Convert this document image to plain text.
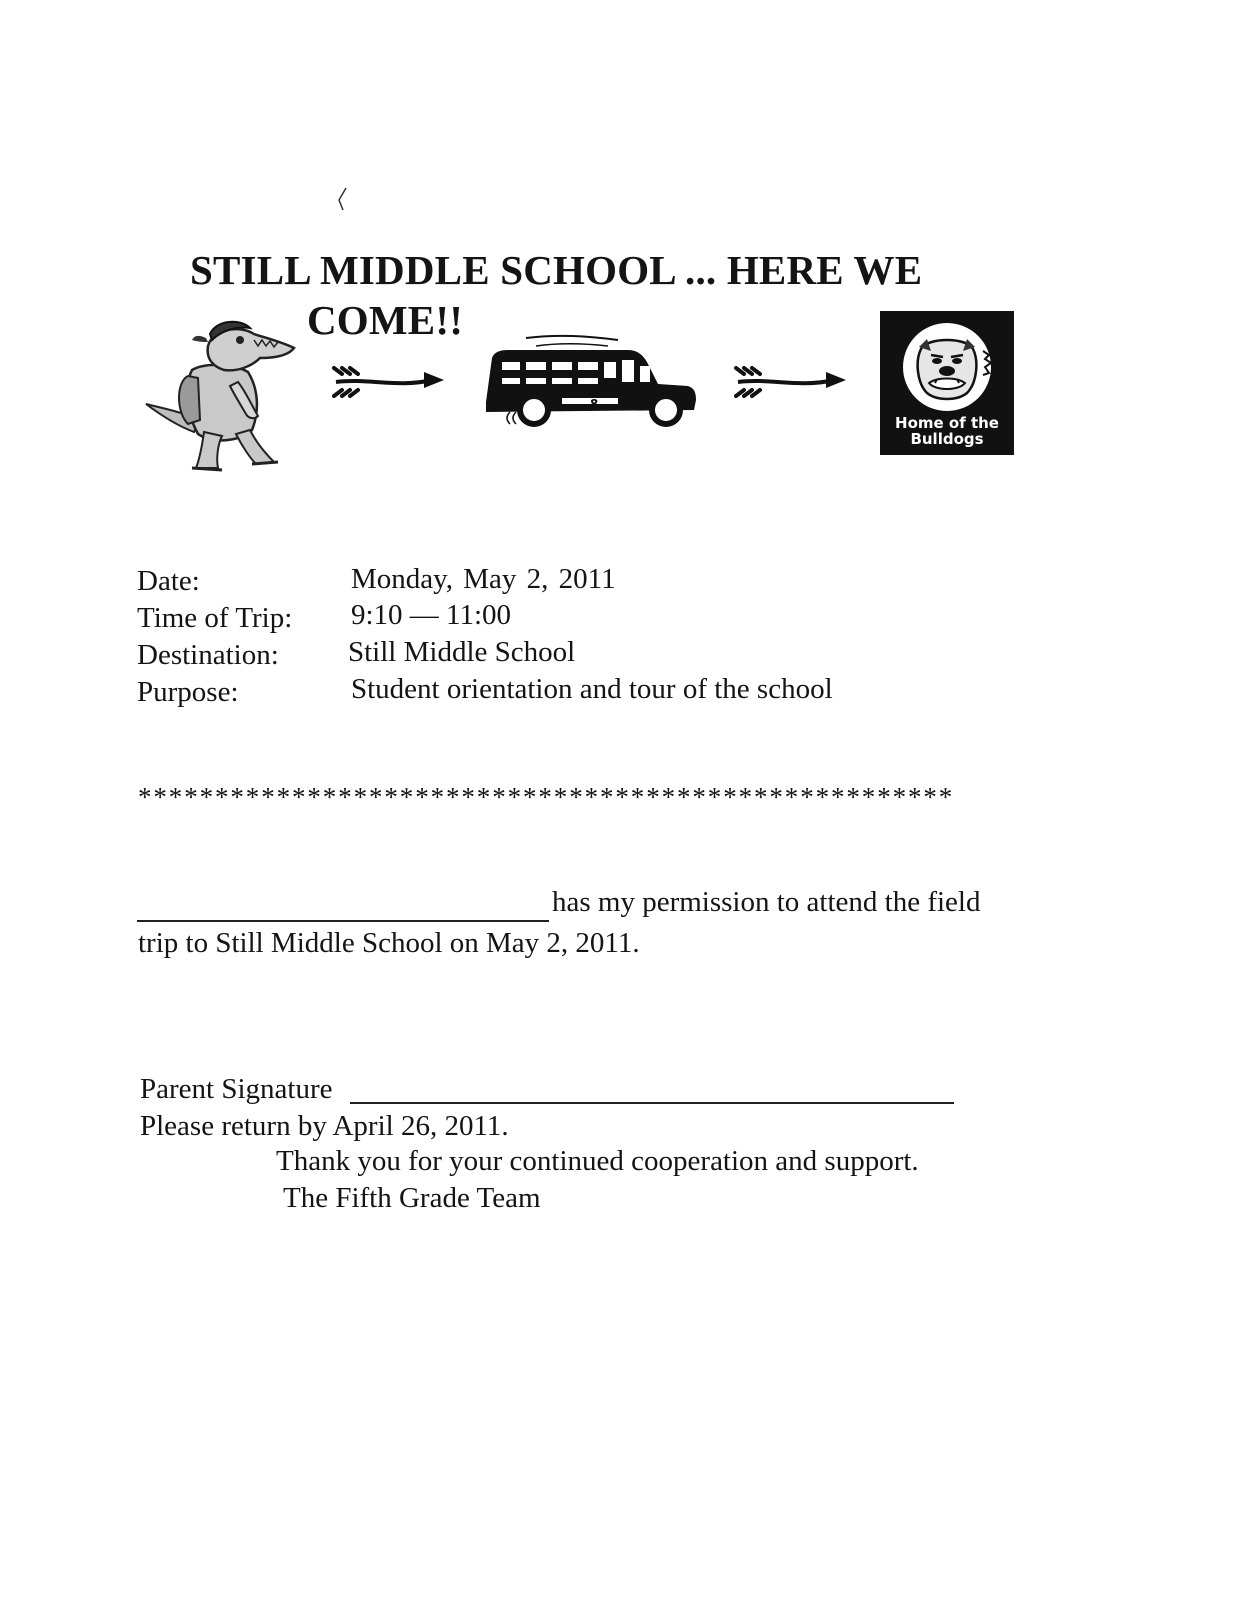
STILL MIDDLE SCHOOL ... HERE WE
COME!!
8
Home of the
Bulldogs
Date:	Monday, May 2, 2011
Time of Trip: 9:10 — 11:00
Destination: Still Middle School
Purpose:	Student orientation and tour of the school
*****************************************************
has my permission to attend the field
trip to Still Middle School on May 2, 2011.
Parent Signature
Please return by April 26, 2011.
Thank you for your continued cooperation and support.
The Fifth Grade Team
